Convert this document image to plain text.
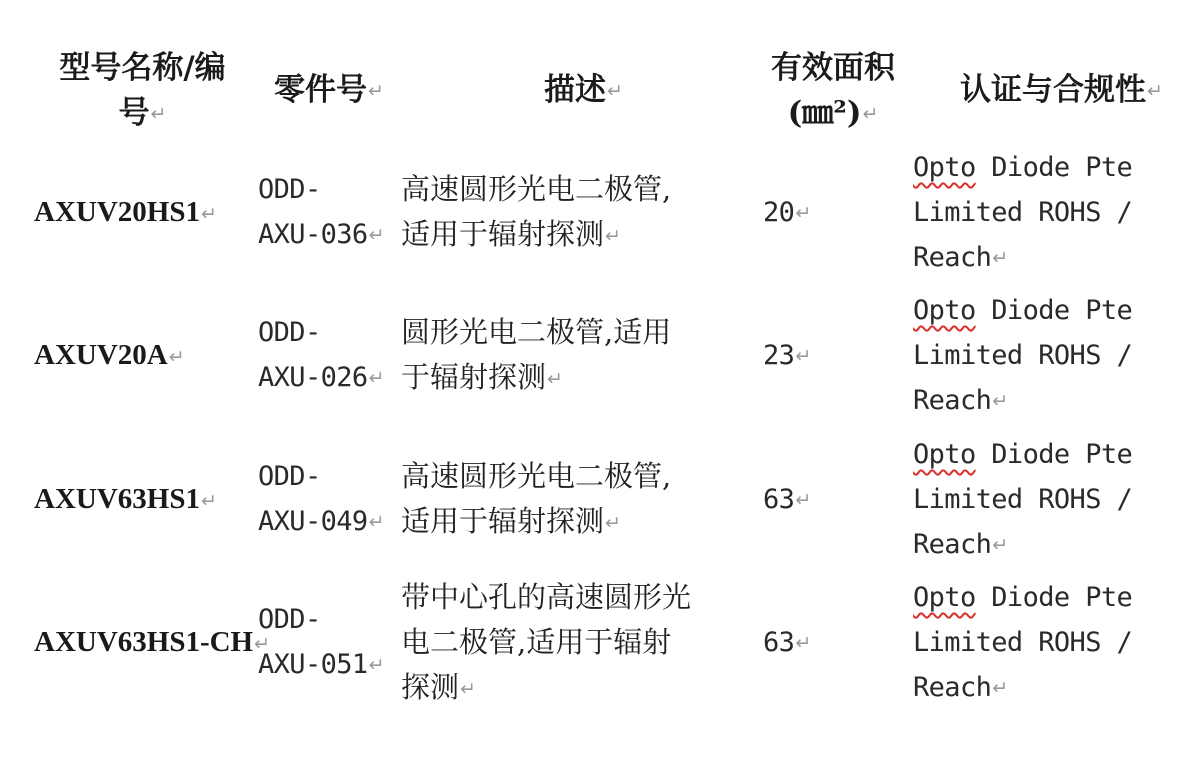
型号名称/编
号↵
零件号↵	描述↵
有效面积
(㎜²)↵
认证与合规性↵
AXUV20HS1↵
ODD-
AXU-036↵
高速圆形光电二极管,
适用于辐射探测↵
20↵
Opto Diode Pte
Limited ROHS /
Reach↵
AXUV20A↵
ODD-
AXU-026↵
圆形光电二极管,适用
于辐射探测↵
23↵
Opto Diode Pte
Limited ROHS /
Reach↵
AXUV63HS1↵
ODD-
AXU-049↵
高速圆形光电二极管,
适用于辐射探测↵
63↵
Opto Diode Pte
Limited ROHS /
Reach↵
AXUV63HS1-CH↵
ODD-
AXU-051↵
带中心孔的高速圆形光
电二极管,适用于辐射
探测↵
63↵
Opto Diode Pte
Limited ROHS /
Reach↵
